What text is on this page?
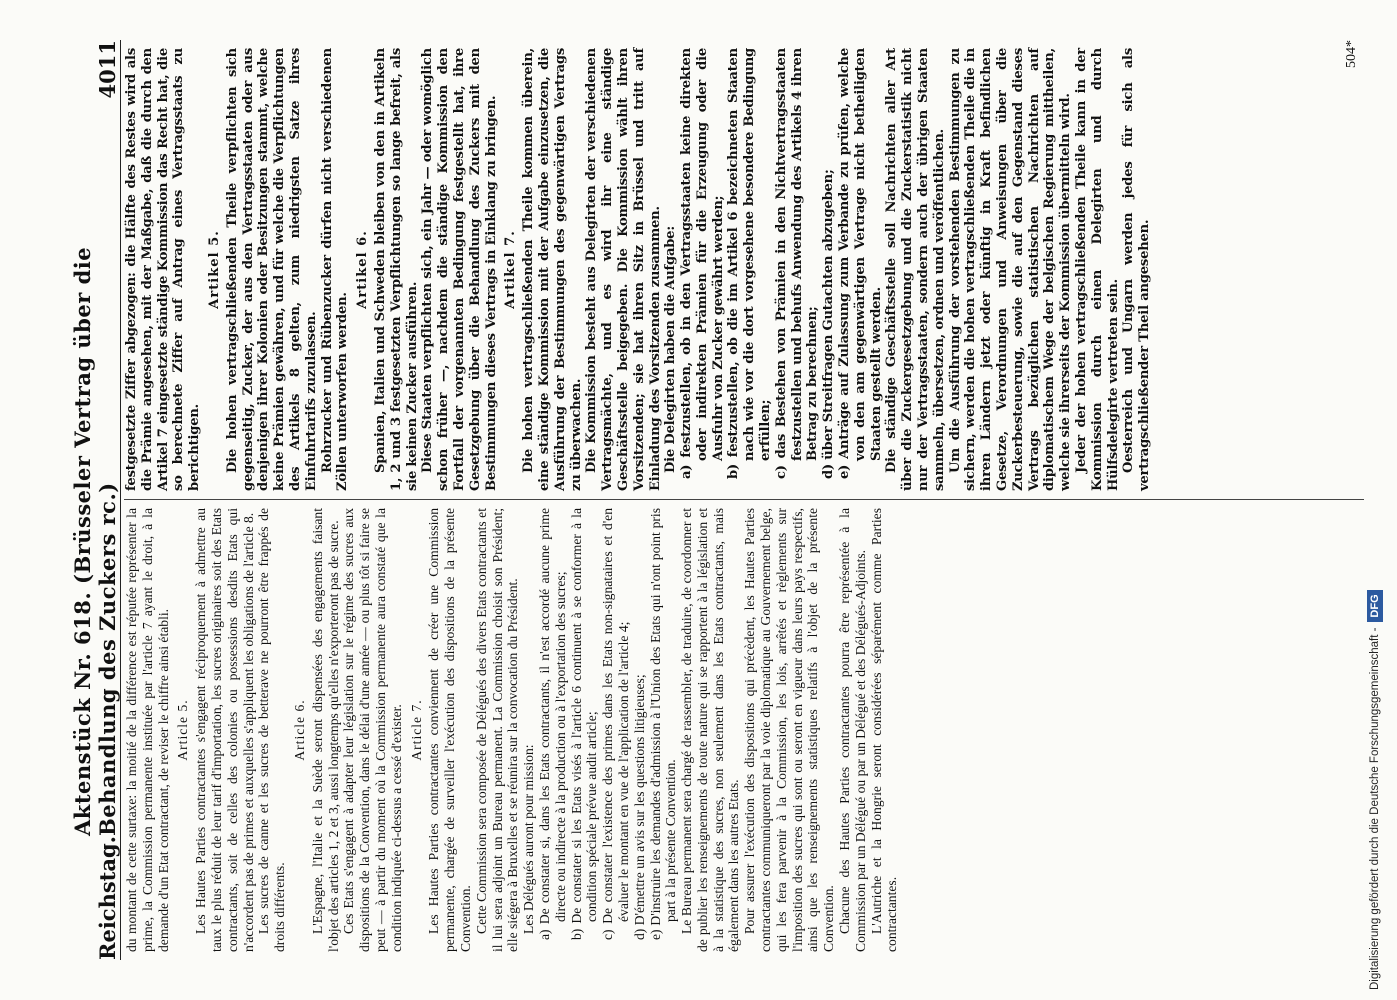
Reichstag.
Aktenstück Nr. 618. (Brüsseler Vertrag über die Behandlung des Zuckers rc.)
4011

du montant de cette surtaxe: la moitié de la différence est réputée représenter la prime, la Commission permanente instituée par l'article 7 ayant le droit, à la demande d'un Etat contractant, de reviser le chiffre ainsi établi. Article 5. Les Hautes Parties contractantes s'engagent réciproquement à admettre au taux le plus réduit de leur tarif d'importation, les sucres originaires soit des Etats contractants, soit de celles des colonies ou possessions desdits Etats qui n'accordent pas de primes et auxquelles s'appliquent les obligations de l'article 8. Les sucres de canne et les sucres de betterave ne pourront être frappés de droits différents.

Article 6. L'Espagne, l'Italie et la Suède seront dispensées des engagements faisant l'objet des articles 1, 2 et 3, aussi longtemps qu'elles n'exporteront pas de sucre. Ces Etats s'engagent à adapter leur législation sur le régime des sucres aux dispositions de la Convention, dans le délai d'une année — ou plus tôt si faire se peut — à partir du moment où la Commission permanente aura constaté que la condition indiquée ci-dessus a cessé d'exister. Article 7. Les Hautes Parties contractantes conviennent de créer une Commission permanente, chargée de surveiller l'exécution des dispositions de la présente Convention. Cette Commission sera composée de Délégués des divers Etats contractants et il lui sera adjoint un Bureau permanent. La Commission choisit son Président; elle siégera à Bruxelles et se réunira sur la convocation du Président. Les Délégués auront pour mission: a) De constater si, dans les Etats contractants, il n'est accordé aucune prime directe ou indirecte à la production ou à l'exportation des sucres; b) De constater si les Etats visés à l'article 6 continuent à se conformer à la condition spéciale prévue audit article; c) De constater l'existence des primes dans les Etats non-signataires et d'en évaluer le montant en vue de l'application de l'article 4; d) D'émettre un avis sur les questions litigieuses; e) D'instruire les demandes d'admission à l'Union des Etats qui n'ont point pris part à la présente Convention. Le Bureau permanent sera chargé de rassembler, de traduire, de coordonner et de publier les renseignements de toute nature qui se rapportent à la législation et à la statistique des sucres, non seulement dans les Etats contractants, mais également dans les autres Etats. Pour assurer l'exécution des dispositions qui précèdent, les Hautes Parties contractantes communiqueront par la voie diplomatique au Gouvernement belge, qui les fera parvenir à la Commission, les lois, arrêtés et règlements sur l'imposition des sucres qui sont ou seront en vigueur dans leurs pays respectifs, ainsi que les renseignements statistiques relatifs à l'objet de la présente Convention. Chacune des Hautes Parties contractantes pourra être représentée à la Commission par un Délégué ou par un Délégué et des Délégués-Adjoints. L'Autriche et la Hongrie seront considérées séparément comme Parties contractantes.

festgesetzte Ziffer abgezogen: die Hälfte des Restes wird als die Prämie angesehen, mit der Maßgabe, daß die durch den Artikel 7 eingesetzte ständige Kommission das Recht hat, die so berechnete Ziffer auf Antrag eines Vertragsstaats zu berichtigen.

Artikel 5. Die hohen vertragschließenden Theile verpflichten sich gegenseitig, Zucker, der aus den Vertragsstaaten oder aus denjenigen ihrer Kolonien oder Besitzungen stammt, welche keine Prämien gewähren, und für welche die Verpflichtungen des Artikels 8 gelten, zum niedrigsten Satze ihres Einfuhrtarifs zuzulassen. Rohrzucker und Rübenzucker dürfen nicht verschiedenen Zöllen unterworfen werden.

Artikel 6. Spanien, Italien und Schweden bleiben von den in Artikeln 1, 2 und 3 festgesetzten Verpflichtungen so lange befreit, als sie keinen Zucker ausführen. Diese Staaten verpflichten sich, ein Jahr — oder womöglich schon früher —, nachdem die ständige Kommission den Fortfall der vorgenannten Bedingung festgestellt hat, ihre Gesetzgebung über die Behandlung des Zuckers mit den Bestimmungen dieses Vertrags in Einklang zu bringen. Artikel 7. Die hohen vertragschließenden Theile kommen überein, eine ständige Kommission mit der Aufgabe einzusetzen, die Ausführung der Bestimmungen des gegenwärtigen Vertrags zu überwachen. Die Kommission besteht aus Delegirten der verschiedenen Vertragsmächte, und es wird ihr eine ständige Geschäftsstelle beigegeben. Die Kommission wählt ihren Vorsitzenden; sie hat ihren Sitz in Brüssel und tritt auf Einladung des Vorsitzenden zusammen. Die Delegirten haben die Aufgabe: a) festzustellen, ob in den Vertragsstaaten keine direkten oder indirekten Prämien für die Erzeugung oder die Ausfuhr von Zucker gewährt werden; b) festzustellen, ob die im Artikel 6 bezeichneten Staaten nach wie vor die dort vorgesehene besondere Bedingung erfüllen; c) das Bestehen von Prämien in den Nichtvertragsstaaten festzustellen und behufs Anwendung des Artikels 4 ihren Betrag zu berechnen; d) über Streitfragen Gutachten abzugeben; e) Anträge auf Zulassung zum Verbande zu prüfen, welche von den am gegenwärtigen Vertrage nicht betheiligten Staaten gestellt werden. Die ständige Geschäftsstelle soll Nachrichten aller Art über die Zuckergesetzgebung und die Zuckerstatistik nicht nur der Vertragsstaaten, sondern auch der übrigen Staaten sammeln, übersetzen, ordnen und veröffentlichen. Um die Ausführung der vorstehenden Bestimmungen zu sichern, werden die hohen vertragschließenden Theile die in ihren Ländern jetzt oder künftig in Kraft befindlichen Gesetze, Verordnungen und Anweisungen über die Zuckerbesteuerung, sowie die auf den Gegenstand dieses Vertrags bezüglichen statistischen Nachrichten auf diplomatischem Wege der belgischen Regierung mittheilen, welche sie ihrerseits der Kommission übermitteln wird. Jeder der hohen vertragschließenden Theile kann in der Kommission durch einen Delegirten und durch Hülfsdelegirte vertreten sein. Oesterreich und Ungarn werden jedes für sich als vertragschließender Theil angesehen.

504*
Digitalisierung gefördert durch die Deutsche Forschungsgemeinschaft -
DFG
